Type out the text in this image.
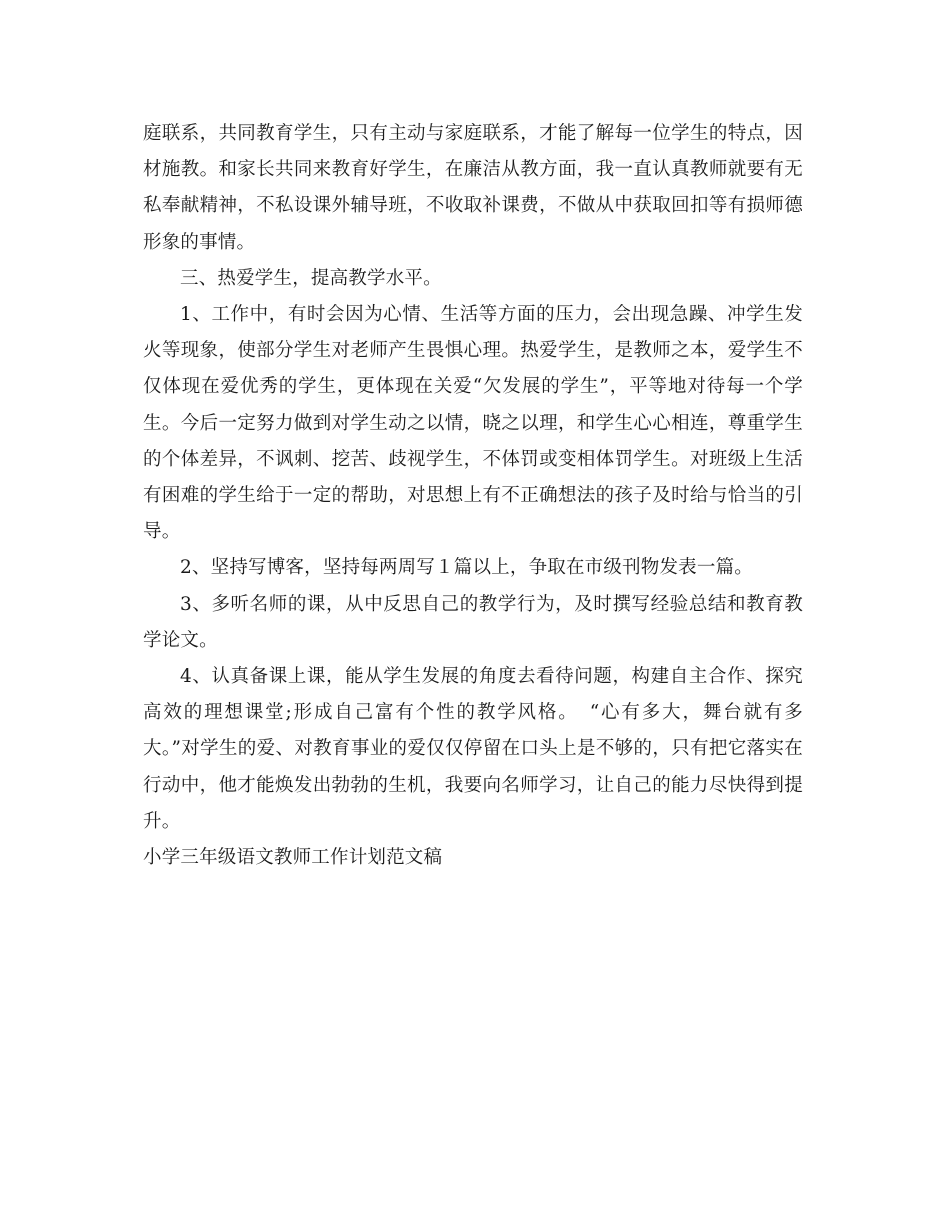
庭联系，共同教育学生，只有主动与家庭联系，才能了解每一位学生的特点，因材施教。和家长共同来教育好学生，在廉洁从教方面，我一直认真教师就要有无私奉献精神，不私设课外辅导班，不收取补课费，不做从中获取回扣等有损师德形象的事情。

三、热爱学生，提高教学水平。

1、工作中，有时会因为心情、生活等方面的压力，会出现急躁、冲学生发火等现象，使部分学生对老师产生畏惧心理。热爱学生，是教师之本，爱学生不仅体现在爱优秀的学生，更体现在关爱“欠发展的学生”，平等地对待每一个学生。今后一定努力做到对学生动之以情，晓之以理，和学生心心相连，尊重学生的个体差异，不讽刺、挖苦、歧视学生，不体罚或变相体罚学生。对班级上生活有困难的学生给于一定的帮助，对思想上有不正确想法的孩子及时给与恰当的引导。

2、坚持写博客，坚持每两周写１篇以上，争取在市级刊物发表一篇。

3、多听名师的课，从中反思自己的教学行为，及时撰写经验总结和教育教学论文。

4、认真备课上课，能从学生发展的角度去看待问题，构建自主合作、探究高效的理想课堂;形成自己富有个性的教学风格。　“心有多大，舞台就有多大。”对学生的爱、对教育事业的爱仅仅停留在口头上是不够的，只有把它落实在行动中，他才能焕发出勃勃的生机，我要向名师学习，让自己的能力尽快得到提升。

小学三年级语文教师工作计划范文稿
